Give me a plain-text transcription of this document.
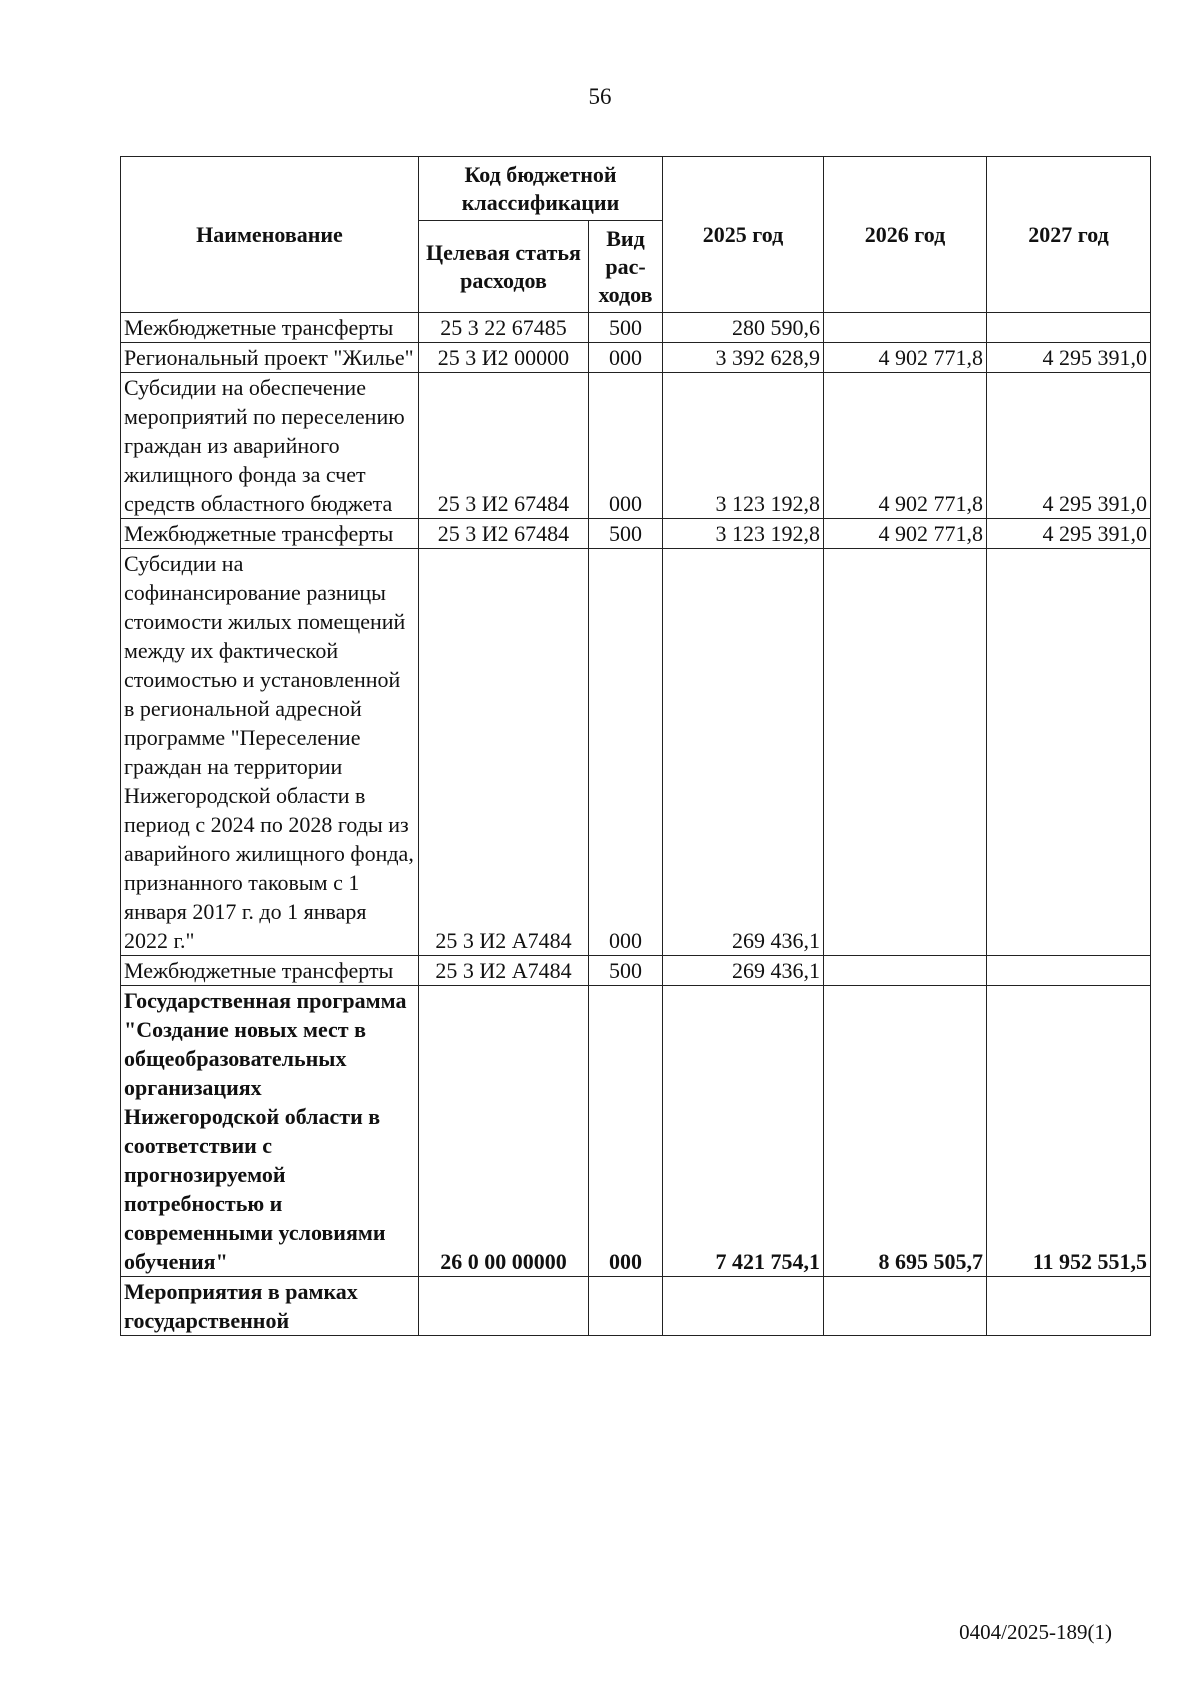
56
Наименование	Код бюджетной классификации		2025 год	2026 год	2027 год
	Целевая статья расходов	Вид рас-ходов			
Межбюджетные трансферты	25 3 22 67485	500	280 590,6		
Региональный проект "Жилье"	25 3 И2 00000	000	3 392 628,9	4 902 771,8	4 295 391,0
Субсидии на обеспечение мероприятий по переселению граждан из аварийного жилищного фонда за счет средств областного бюджета	25 3 И2 67484	000	3 123 192,8	4 902 771,8	4 295 391,0
Межбюджетные трансферты	25 3 И2 67484	500	3 123 192,8	4 902 771,8	4 295 391,0
Субсидии на софинансирование разницы стоимости жилых помещений между их фактической стоимостью и установленной в региональной адресной программе "Переселение граждан на территории Нижегородской области в период с 2024 по 2028 годы из аварийного жилищного фонда, признанного таковым с 1 января 2017 г. до 1 января 2022 г."	25 3 И2 А7484	000	269 436,1		
Межбюджетные трансферты	25 3 И2 А7484	500	269 436,1		
Государственная программа "Создание новых мест в общеобразовательных организациях Нижегородской области в соответствии с прогнозируемой потребностью и современными условиями обучения"	26 0 00 00000	000	7 421 754,1	8 695 505,7	11 952 551,5
Мероприятия в рамках государственной					
0404/2025-189(1)
